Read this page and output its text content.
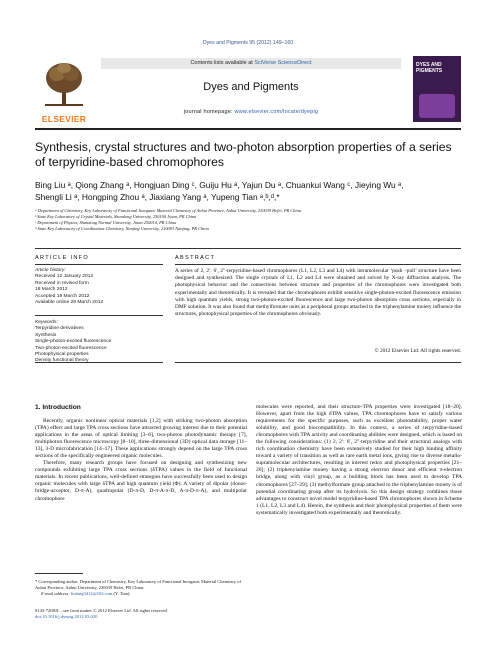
Dyes and Pigments 95 (2012) 149–160
ELSEVIER
Contents lists available at SciVerse ScienceDirect
Dyes and Pigments
journal homepage: www.elsevier.com/locate/dyepig
DYES AND PIGMENTS
Synthesis, crystal structures and two-photon absorption properties of a series of terpyridine-based chromophores
Bing Liu ᵃ, Qiong Zhang ᵃ, Hongjuan Ding ᶜ, Guiju Hu ᵃ, Yajun Du ᵃ, Chuankui Wang ᶜ, Jieying Wu ᵃ,
Shengli Li ᵃ, Hongping Zhou ᵃ, Jiaxiang Yang ᵃ, Yupeng Tian ᵃ,ᵇ,ᵈ,*
ᵃ Department of Chemistry, Key Laboratory of Functional Inorganic Material Chemistry of Anhui Province, Anhui University, 230039 Hefei, PR China
ᵇ State Key Laboratory of Crystal Materials, Shandong University, 250100 Jinan, PR China
ᶜ Department of Physics, Shandong Normal University, Jinan 250014, PR China
ᵈ State Key Laboratory of Coordination Chemistry, Nanjing University, 210093 Nanjing, PR China
ARTICLE INFO	ABSTRACT
Article history:
Received 12 January 2012
Received in revised form
18 March 2012
Accepted 19 March 2012
Available online 29 March 2012
Keywords:
Terpyridine derivatives
Synthesis
Single-photon-excited fluorescence
Two-photon-excited fluorescence
Photophysical properties
Density functional theory
A series of 2, 2′: 6′, 2″-terpyridine-based chromophores (L1, L2, L3 and L4) with intramolecular ‘push –pull’ structure have been designed and synthesized. The single crystals of L1, L2 and L4 were obtained and solved by X-ray diffraction analysis. The photophysical behavior and the connections between structure and properties of the chromophores were investigated both experimentally and theoretically. It is revealed that the chromophores exhibit sensitive single-photon-excited fluorescence emission with high quantum yields, strong two-photon-excited fluorescence and large two-photon absorption cross sections, especially in DMF solution. It was also found that methylformate units as a peripheral groups attached to the triphenylamine moiety influence the structures, photophysical properties of the chromophores obviously.
© 2012 Elsevier Ltd. All rights reserved.
1. Introduction

Recently, organic nonlinear optical materials [1,2] with striking two-photon absorption (TPA) effect and large TPA cross sections have attracted growing interest due to their potential applications in the areas of optical limiting [3–6], two-photon photodynamic therapy [7], multiphoton fluorescence microscopy [8–10], three-dimensional (3D) optical data storage [11–13], 3-D microfabrication [14–17]. These applications strongly depend on the large TPA cross sections of the specifically engineered organic molecules.

Therefore, many research groups have focused on designing and synthesizing new compounds exhibiting large TPA cross sections (δTPA) values in the field of functional materials. In recent publications, well-defined strategies have successfully been used to design organic molecules with large δTPA and high quantum yield (Φ). A variety of dipolar (donor-bridge-acceptor, D-π-A), quadrupolar (D-π-D, D-π-A-π-D, A-π-D-π-A), and multipolar chromophore

molecules were reported, and their structure-TPA properties were investigated [18–20]. However, apart from the high δTPA values, TPA chromophores have to satisfy various requirements for the specific purposes, such as excellent photostability, proper water solubility, and good biocompatibility. In this context, a series of terpyridine-based chromophores with TPA activity and coordinating abilities were designed, which is based on the following considerations: (1) 2, 2′: 6′, 2″-terpyridine and their structural analogs with rich coordination chemistry have been extensively studied for their high binding affinity toward a variety of transition as well as rare earth metal ions, giving rise to diverse metallo-supramolecular architectures, resulting in interest redox and photophysical properties [21–26]; (2) triphenylamine moiety having a strong electron donor and efficient π-electron bridge, along with vinyl group, as a building block has been used to develop TPA chromophores [27–29]; (3) methylformate group attached to the triphenylamine moiety is of potential coordinating group after its hydrolysis. So this design strategy combines those advantages to construct novel model terpyridine-based TPA chromophores shown in Scheme 1 (L1, L2, L3 and L4). Herein, the synthesis and their photophysical properties of them were systematically investigated both experimentally and theoretically.

* Corresponding author. Department of Chemistry, Key Laboratory of Functional Inorganic Material Chemistry of Anhui Province, Anhui University, 230039 Hefei, PR China.
E-mail address: liubing3412@163.com (Y. Tian).
0143-7208/$ – see front matter © 2012 Elsevier Ltd. All rights reserved.
doi:10.1016/j.dyepig.2012.03.020
